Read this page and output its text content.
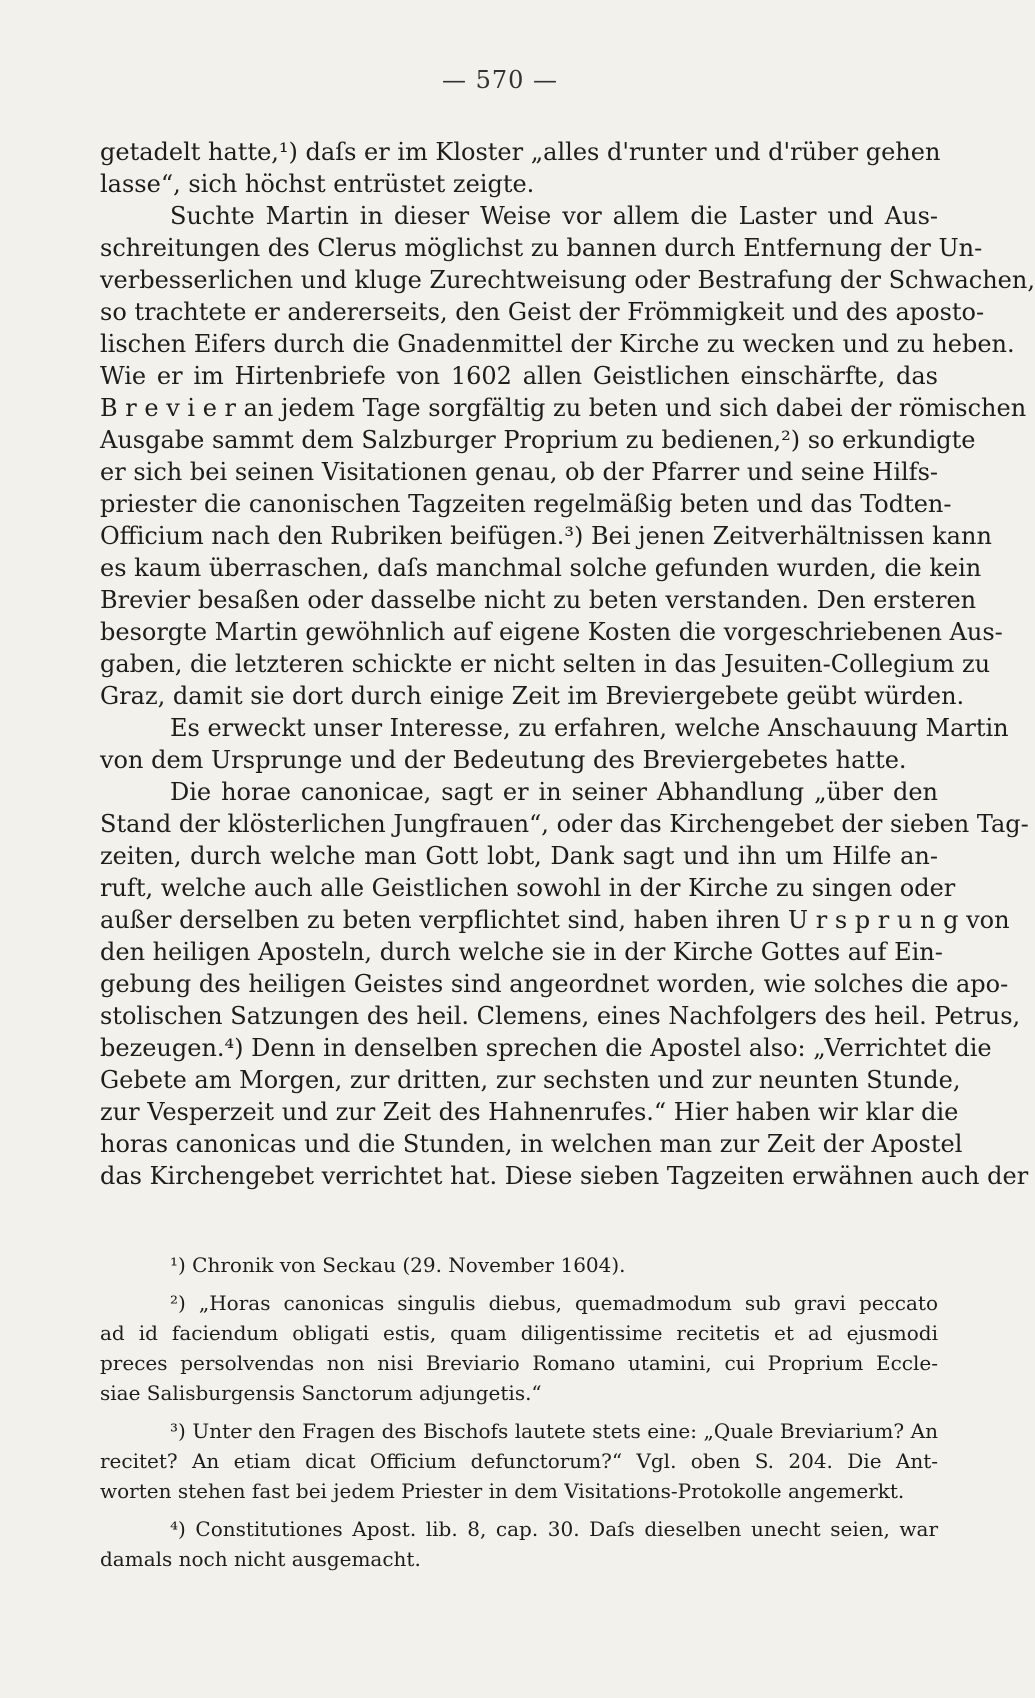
— 570 —
getadelt hatte,¹) daſs er im Kloster „alles d'runter und d'rüber gehen
lasse“, sich höchst entrüstet zeigte.
Suchte Martin in dieser Weise vor allem die Laster und Aus-
schreitungen des Clerus möglichst zu bannen durch Entfernung der Un-
verbesserlichen und kluge Zurechtweisung oder Bestrafung der Schwachen,
so trachtete er andererseits, den Geist der Frömmigkeit und des aposto-
lischen Eifers durch die Gnadenmittel der Kirche zu wecken und zu heben.
Wie er im Hirtenbriefe von 1602 allen Geistlichen einschärfte, das
B r e v i e r an jedem Tage sorgfältig zu beten und sich dabei der römischen
Ausgabe sammt dem Salzburger Proprium zu bedienen,²) so erkundigte
er sich bei seinen Visitationen genau, ob der Pfarrer und seine Hilfs-
priester die canonischen Tagzeiten regelmäßig beten und das Todten-
Officium nach den Rubriken beifügen.³) Bei jenen Zeitverhältnissen kann
es kaum überraschen, daſs manchmal solche gefunden wurden, die kein
Brevier besaßen oder dasselbe nicht zu beten verstanden. Den ersteren
besorgte Martin gewöhnlich auf eigene Kosten die vorgeschriebenen Aus-
gaben, die letzteren schickte er nicht selten in das Jesuiten-Collegium zu
Graz, damit sie dort durch einige Zeit im Breviergebete geübt würden.
Es erweckt unser Interesse, zu erfahren, welche Anschauung Martin
von dem Ursprunge und der Bedeutung des Breviergebetes hatte.
Die horae canonicae, sagt er in seiner Abhandlung „über den
Stand der klösterlichen Jungfrauen“, oder das Kirchengebet der sieben Tag-
zeiten, durch welche man Gott lobt, Dank sagt und ihn um Hilfe an-
ruft, welche auch alle Geistlichen sowohl in der Kirche zu singen oder
außer derselben zu beten verpflichtet sind, haben ihren U r s p r u n g von
den heiligen Aposteln, durch welche sie in der Kirche Gottes auf Ein-
gebung des heiligen Geistes sind angeordnet worden, wie solches die apo-
stolischen Satzungen des heil. Clemens, eines Nachfolgers des heil. Petrus,
bezeugen.⁴) Denn in denselben sprechen die Apostel also: „Verrichtet die
Gebete am Morgen, zur dritten, zur sechsten und zur neunten Stunde,
zur Vesperzeit und zur Zeit des Hahnenrufes.“ Hier haben wir klar die
horas canonicas und die Stunden, in welchen man zur Zeit der Apostel
das Kirchengebet verrichtet hat. Diese sieben Tagzeiten erwähnen auch der
¹) Chronik von Seckau (29. November 1604).
²) „Horas canonicas singulis diebus, quemadmodum sub gravi peccato
ad id faciendum obligati estis, quam diligentissime recitetis et ad ejusmodi
preces persolvendas non nisi Breviario Romano utamini, cui Proprium Eccle-
siae Salisburgensis Sanctorum adjungetis.“
³) Unter den Fragen des Bischofs lautete stets eine: „Quale Breviarium? An
recitet? An etiam dicat Officium defunctorum?“ Vgl. oben S. 204. Die Ant-
worten stehen fast bei jedem Priester in dem Visitations-Protokolle angemerkt.
⁴) Constitutiones Apost. lib. 8, cap. 30. Daſs dieselben unecht seien, war
damals noch nicht ausgemacht.
